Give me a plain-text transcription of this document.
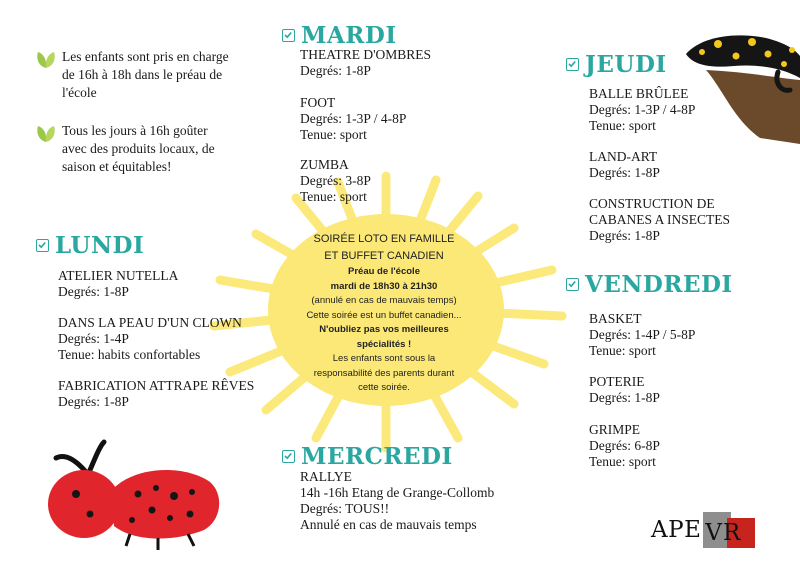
Les enfants sont pris en charge de 16h à 18h dans le préau de l'école
Tous les jours à 16h goûter avec des produits locaux, de saison et équitables!
LUNDI
ATELIER NUTELLA
Degrés: 1-8P
DANS LA PEAU D'UN CLOWN
Degrés: 1-4P
Tenue: habits confortables
FABRICATION ATTRAPE RÊVES
Degrés: 1-8P
MARDI
THEATRE D'OMBRES
Degrés: 1-8P
FOOT
Degrés: 1-3P / 4-8P
Tenue: sport
ZUMBA
Degrés: 3-8P
Tenue: sport
SOIRÉE LOTO EN FAMILLE
ET BUFFET CANADIEN
Préau de l'école
mardi de 18h30 à 21h30
(annulé en cas de mauvais temps)
Cette soirée est un buffet canadien...
N'oubliez pas vos meilleures
spécialités !
Les enfants sont sous la
responsabilité des parents durant
cette soirée.
MERCREDI
RALLYE
14h -16h Etang de Grange-Collomb
Degrés: TOUS!!
Annulé en cas de mauvais temps
JEUDI
BALLE BRÛLEE
Degrés: 1-3P / 4-8P
Tenue: sport
LAND-ART
Degrés: 1-8P
CONSTRUCTION DE CABANES A INSECTES
Degrés: 1-8P
VENDREDI
BASKET
Degrés: 1-4P / 5-8P
Tenue: sport
POTERIE
Degrés: 1-8P
GRIMPE
Degrés: 6-8P
Tenue: sport
APE VR
